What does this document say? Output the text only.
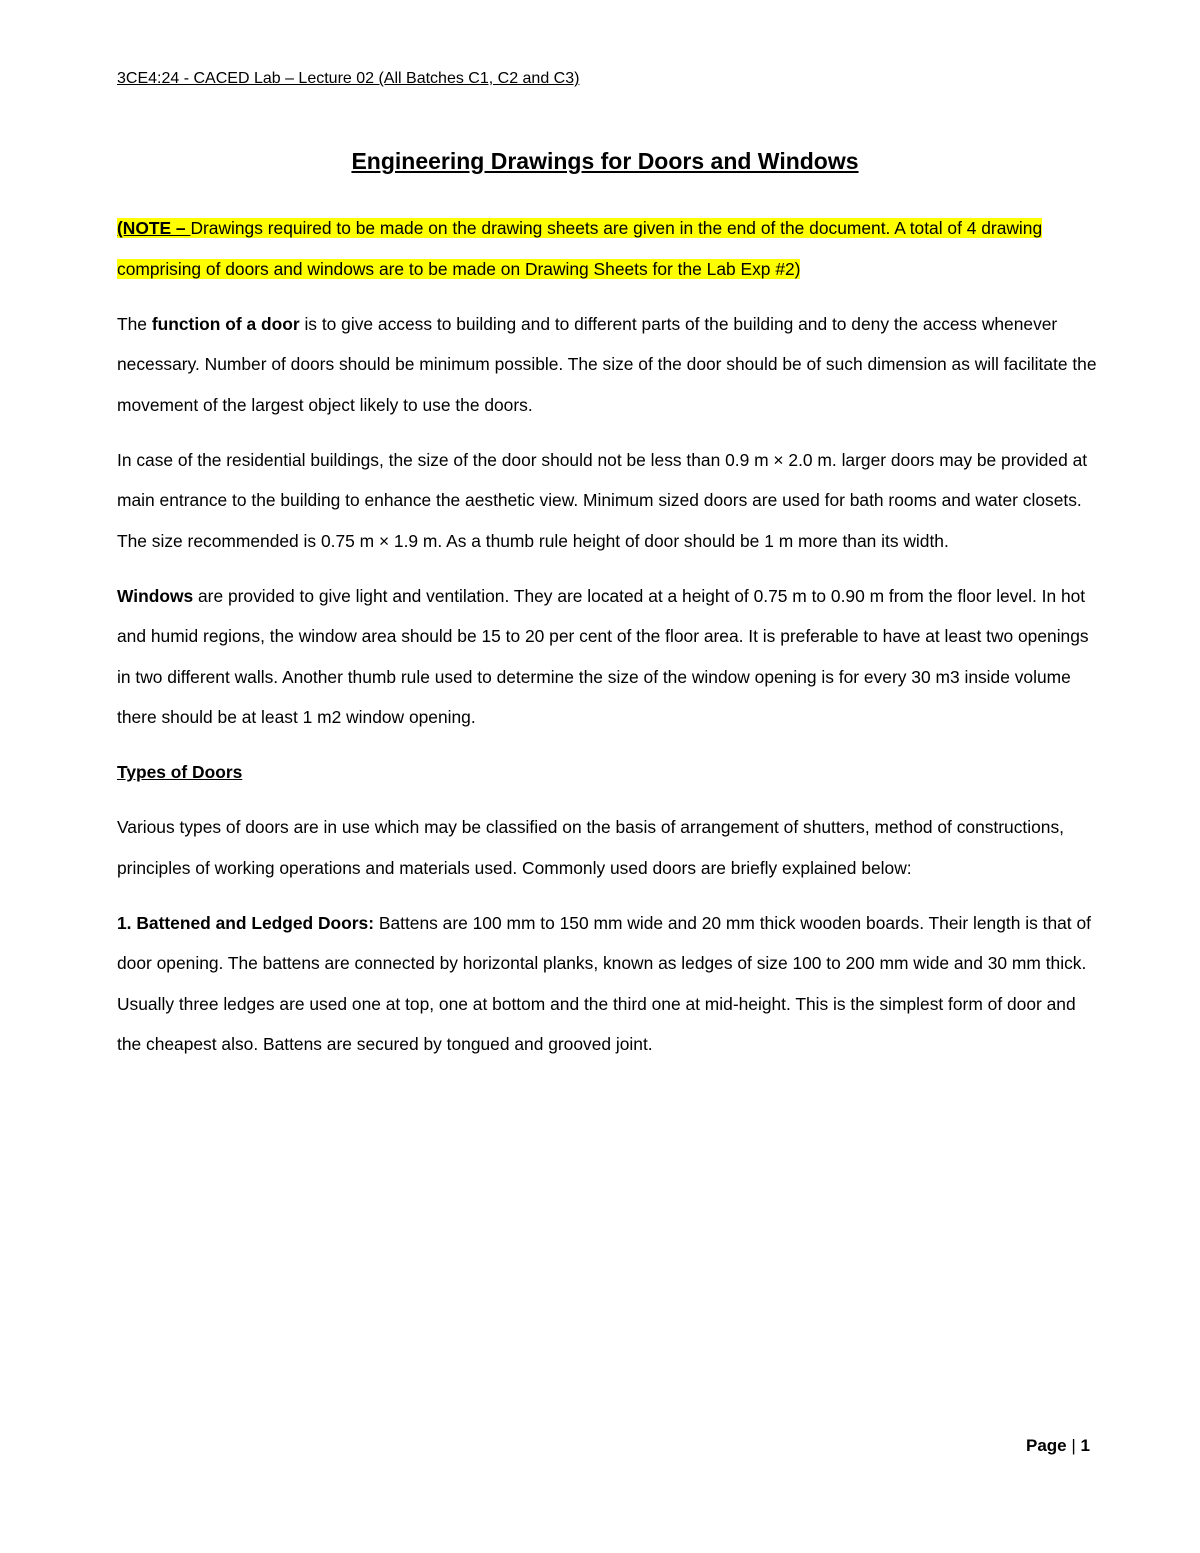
3CE4:24 - CACED Lab – Lecture 02 (All Batches C1, C2 and C3)
Engineering Drawings for Doors and Windows

(NOTE – Drawings required to be made on the drawing sheets are given in the end of the document. A total of 4 drawing comprising of doors and windows are to be made on Drawing Sheets for the Lab Exp #2)

The function of a door is to give access to building and to different parts of the building and to deny the access whenever necessary. Number of doors should be minimum possible. The size of the door should be of such dimension as will facilitate the movement of the largest object likely to use the doors.

In case of the residential buildings, the size of the door should not be less than 0.9 m × 2.0 m. larger doors may be provided at main entrance to the building to enhance the aesthetic view. Minimum sized doors are used for bath rooms and water closets. The size recommended is 0.75 m × 1.9 m. As a thumb rule height of door should be 1 m more than its width.

Windows are provided to give light and ventilation. They are located at a height of 0.75 m to 0.90 m from the floor level. In hot and humid regions, the window area should be 15 to 20 per cent of the floor area. It is preferable to have at least two openings in two different walls. Another thumb rule used to determine the size of the window opening is for every 30 m3 inside volume there should be at least 1 m2 window opening.

Types of Doors

Various types of doors are in use which may be classified on the basis of arrangement of shutters, method of constructions, principles of working operations and materials used. Commonly used doors are briefly explained below:

1. Battened and Ledged Doors: Battens are 100 mm to 150 mm wide and 20 mm thick wooden boards. Their length is that of door opening. The battens are connected by horizontal planks, known as ledges of size 100 to 200 mm wide and 30 mm thick. Usually three ledges are used one at top, one at bottom and the third one at mid-height. This is the simplest form of door and the cheapest also. Battens are secured by tongued and grooved joint.

Page | 1
